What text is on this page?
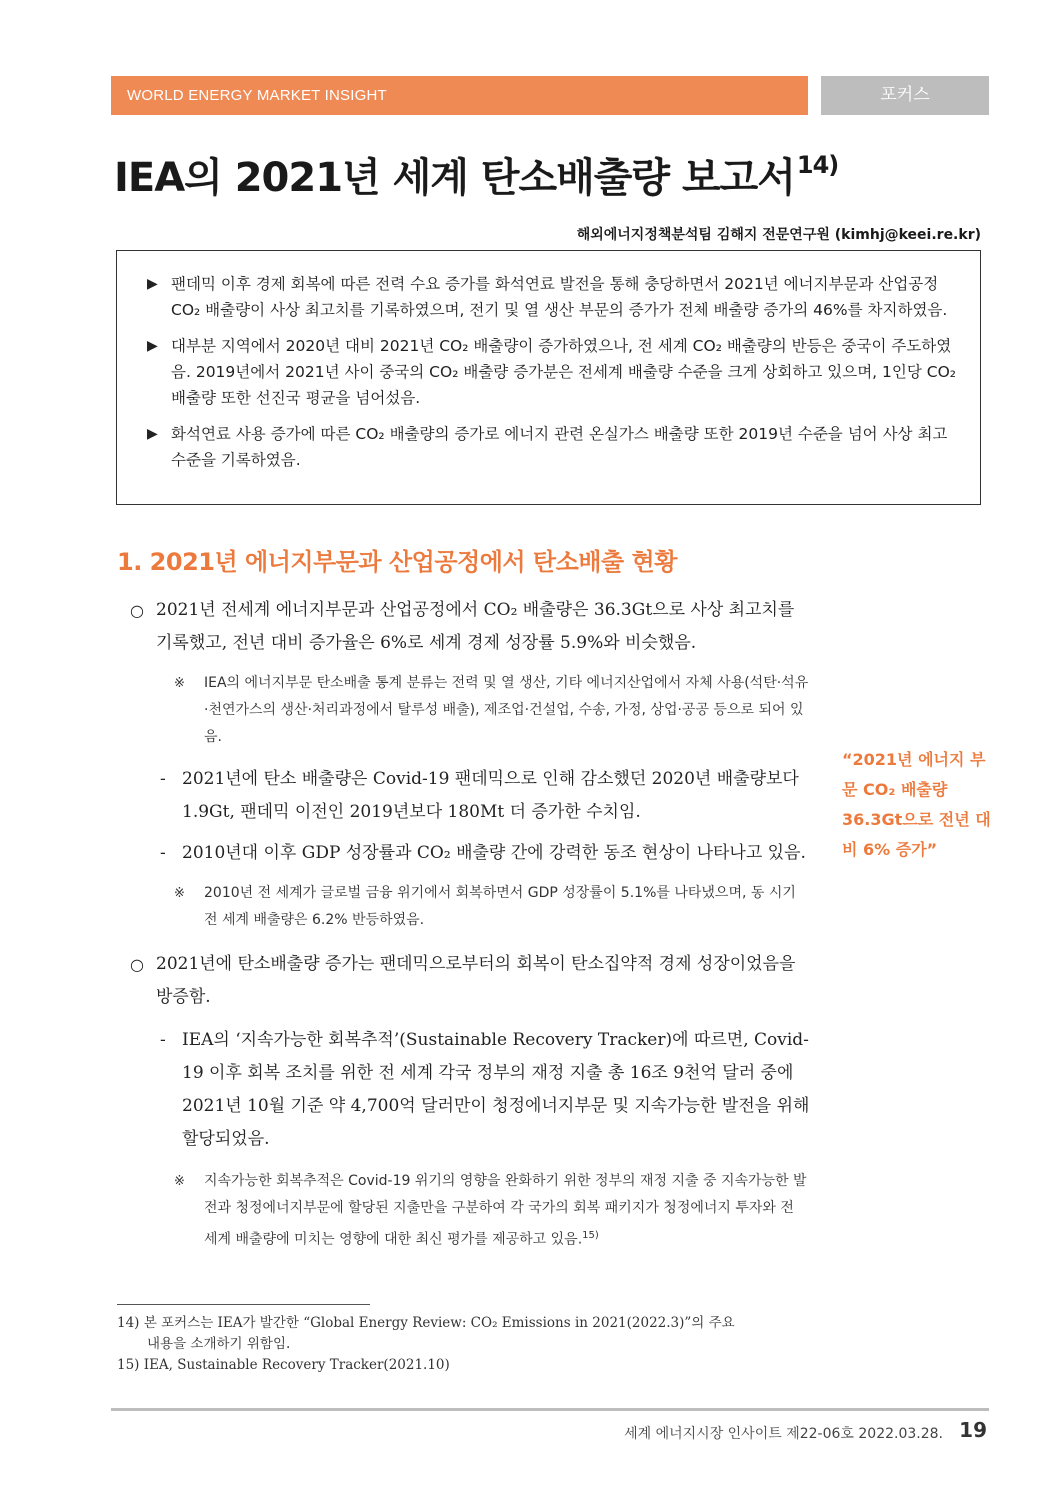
WORLD ENERGY MARKET INSIGHT	포커스
IEA의 2021년 세계 탄소배출량 보고서$^{14)}$
해외에너지정책분석팀 김해지 전문연구원 (kimhj@keei.re.kr)
▶ 팬데믹 이후 경제 회복에 따른 전력 수요 증가를 화석연료 발전을 통해 충당하면서 2021년 에너지부문과 산업공정 CO₂ 배출량이 사상 최고치를 기록하였으며, 전기 및 열 생산 부문의 증가가 전체 배출량 증가의 46%를 차지하였음.
▶ 대부분 지역에서 2020년 대비 2021년 CO₂ 배출량이 증가하였으나, 전 세계 CO₂ 배출량의 반등은 중국이 주도하였음. 2019년에서 2021년 사이 중국의 CO₂ 배출량 증가분은 전세계 배출량 수준을 크게 상회하고 있으며, 1인당 CO₂ 배출량 또한 선진국 평균을 넘어섰음.
▶ 화석연료 사용 증가에 따른 CO₂ 배출량의 증가로 에너지 관련 온실가스 배출량 또한 2019년 수준을 넘어 사상 최고 수준을 기록하였음.
1. 2021년 에너지부문과 산업공정에서 탄소배출 현황
○ 2021년 전세계 에너지부문과 산업공정에서 CO₂ 배출량은 36.3Gt으로 사상 최고치를 기록했고, 전년 대비 증가율은 6%로 세계 경제 성장률 5.9%와 비슷했음.
※	IEA의 에너지부문 탄소배출 통계 분류는 전력 및 열 생산, 기타 에너지산업에서 자체 사용(석탄·석유·천연가스의 생산·처리과정에서 탈루성 배출), 제조업·건설업, 수송, 가정, 상업·공공 등으로 되어 있음.
- 2021년에 탄소 배출량은 Covid-19 팬데믹으로 인해 감소했던 2020년 배출량보다 1.9Gt, 팬데믹 이전인 2019년보다 180Mt 더 증가한 수치임.
- 2010년대 이후 GDP 성장률과 CO₂ 배출량 간에 강력한 동조 현상이 나타나고 있음.
※	2010년 전 세계가 글로벌 금융 위기에서 회복하면서 GDP 성장률이 5.1%를 나타냈으며, 동 시기 전 세계 배출량은 6.2% 반등하였음.
○ 2021년에 탄소배출량 증가는 팬데믹으로부터의 회복이 탄소집약적 경제 성장이었음을 방증함.
- IEA의 ‘지속가능한 회복추적’(Sustainable Recovery Tracker)에 따르면, Covid-19 이후 회복 조치를 위한 전 세계 각국 정부의 재정 지출 총 16조 9천억 달러 중에 2021년 10월 기준 약 4,700억 달러만이 청정에너지부문 및 지속가능한 발전을 위해 할당되었음.
※	지속가능한 회복추적은 Covid-19 위기의 영향을 완화하기 위한 정부의 재정 지출 중 지속가능한 발전과 청정에너지부문에 할당된 지출만을 구분하여 각 국가의 회복 패키지가 청정에너지 투자와 전 세계 배출량에 미치는 영향에 대한 최신 평가를 제공하고 있음.$^{15)}$
“2021년 에너지 부문 CO₂ 배출량 36.3Gt으로 전년 대비 6% 증가”
14) 본 포커스는 IEA가 발간한 “Global Energy Review: CO₂ Emissions in 2021(2022.3)”의 주요
내용을 소개하기 위함임.
15) IEA, Sustainable Recovery Tracker(2021.10)
세계 에너지시장 인사이트 제22-06호 2022.03.28. 19
